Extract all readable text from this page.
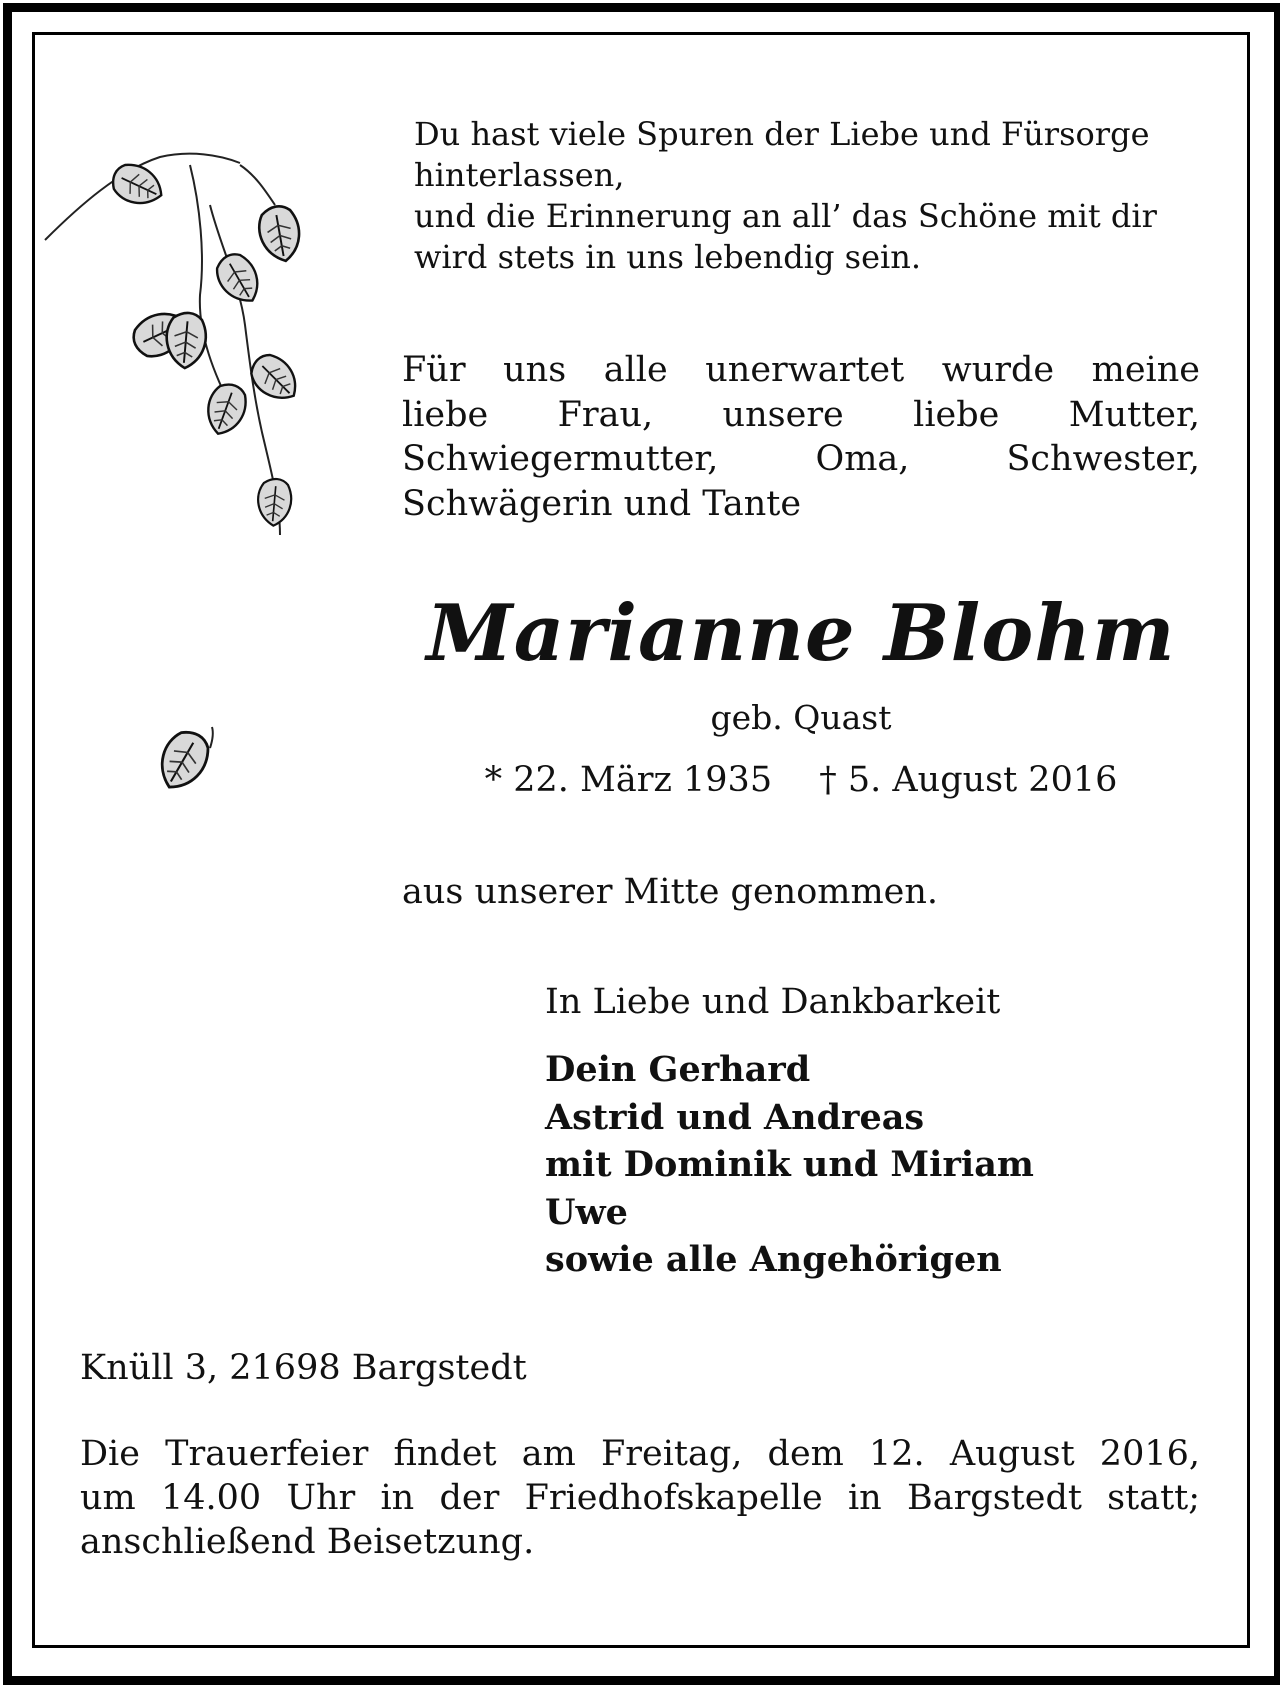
Du hast viele Spuren der Liebe und Fürsorge
hinterlassen,
und die Erinnerung an all’ das Schöne mit dir
wird stets in uns lebendig sein.
Für uns alle unerwartet wurde meine
liebe Frau, unsere liebe Mutter,
Schwiegermutter, Oma, Schwester,
Schwägerin und Tante
Marianne Blohm
geb. Quast
* 22. März 1935 † 5. August 2016
aus unserer Mitte genommen.
In Liebe und Dankbarkeit
Dein Gerhard
Astrid und Andreas
mit Dominik und Miriam
Uwe
sowie alle Angehörigen
Knüll 3, 21698 Bargstedt
Die Trauerfeier findet am Freitag, dem 12. August 2016,
um 14.00 Uhr in der Friedhofskapelle in Bargstedt statt;
anschließend Beisetzung.
